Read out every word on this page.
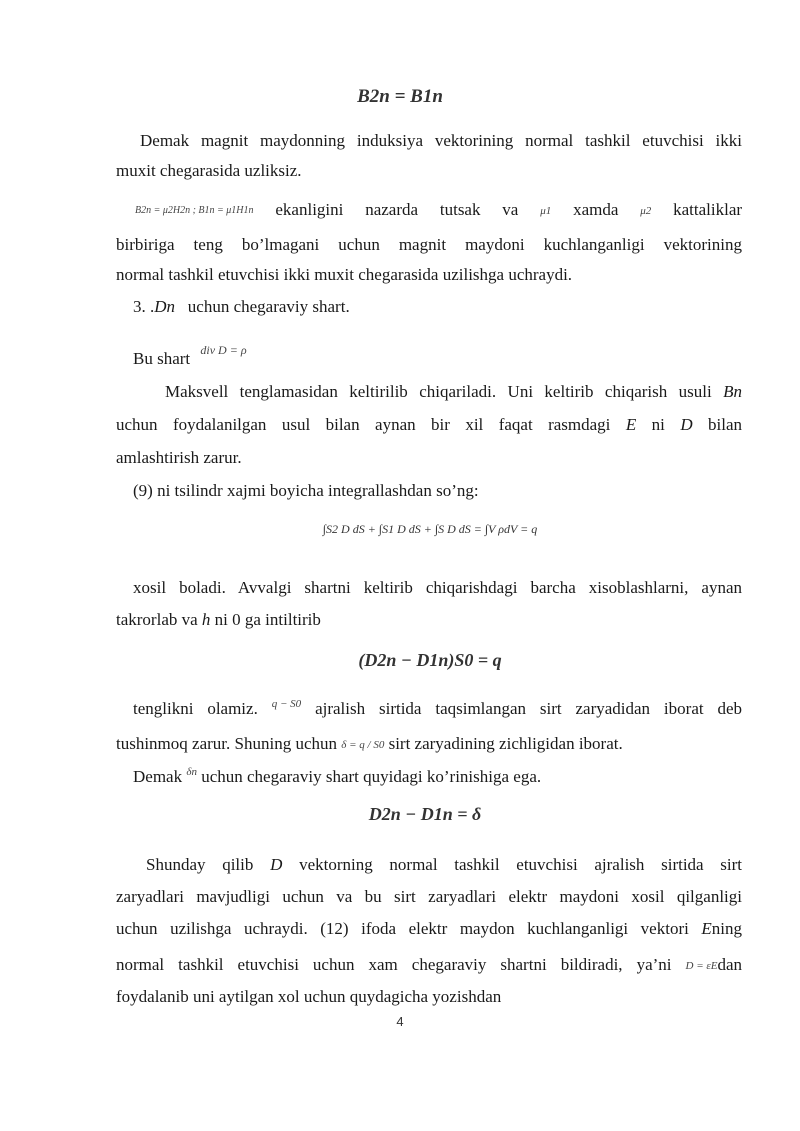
B2n = B1n
Demak magnit maydonning induksiya vektorining normal tashkil etuvchisi ikki
muxit chegarasida uzliksiz.
B2n = μ2H2n ; B1n = μ1H1n ekanligini nazarda tutsak va μ1 xamda μ2 kattaliklar
birbiriga teng bo’lmagani uchun magnit maydoni kuchlanganligi vektorining
normal tashkil etuvchisi ikki muxit chegarasida uzilishga uchraydi.
3. .Dn uchun chegaraviy shart.
Bu shart div D = ρ
Maksvell tenglamasidan keltirilib chiqariladi. Uni keltirib chiqarish usuli Bn
uchun foydalanilgan usul bilan aynan bir xil faqat rasmdagi E ni D bilan
amlashtirish zarur.
(9) ni tsilindr xajmi boyicha integrallashdan so’ng:
∫S2 D dS + ∫S1 D dS + ∫S D dS = ∫V ρdV = q
xosil boladi. Avvalgi shartni keltirib chiqarishdagi barcha xisoblashlarni, aynan
takrorlab va h ni 0 ga intiltirib
(D2n − D1n)S0 = q
tenglikni olamiz. q − S0 ajralish sirtida taqsimlangan sirt zaryadidan iborat deb
tushinmoq zarur. Shuning uchun δ = q / S0 sirt zaryadining zichligidan iborat.
Demak δn uchun chegaraviy shart quyidagi ko’rinishiga ega.
D2n − D1n = δ
Shunday qilib D vektorning normal tashkil etuvchisi ajralish sirtida sirt
zaryadlari mavjudligi uchun va bu sirt zaryadlari elektr maydoni xosil qilganligi
uchun uzilishga uchraydi. (12) ifoda elektr maydon kuchlanganligi vektori Ening
normal tashkil etuvchisi uchun xam chegaraviy shartni bildiradi, ya’ni D = εEdan
foydalanib uni aytilgan xol uchun quydagicha yozishdan
4
